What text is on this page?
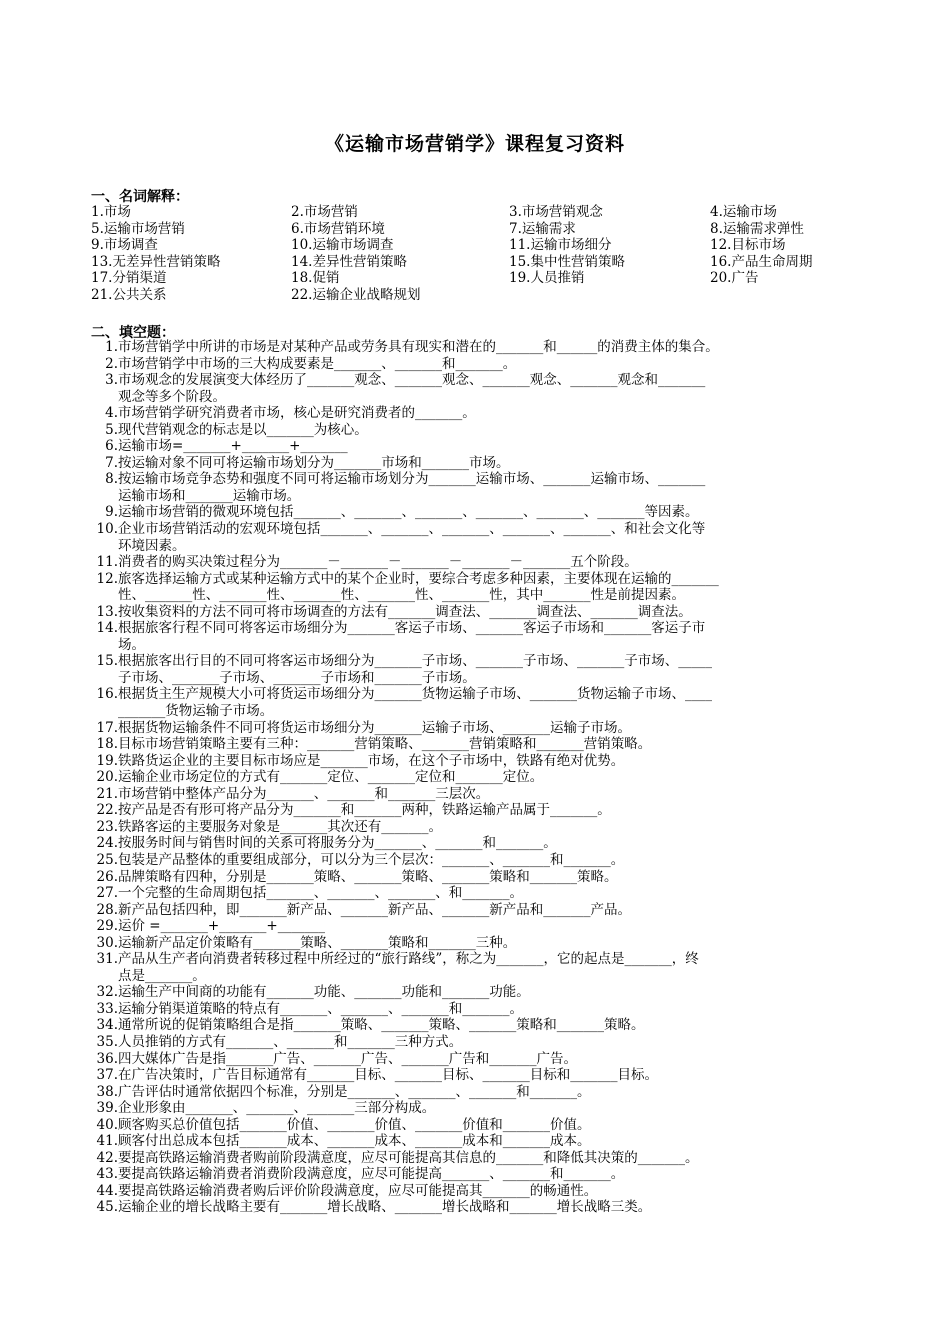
《运输市场营销学》课程复习资料
一、名词解释：
1.市场	2.市场营销	3.市场营销观念	4.运输市场
5.运输市场营销	6.市场营销环境	7.运输需求	8.运输需求弹性
9.市场调查	10.运输市场调查	11.运输市场细分	12.目标市场
13.无差异性营销策略	14.差异性营销策略	15.集中性营销策略	16.产品生命周期
17.分销渠道	18.促销	19.人员推销	20.广告
21.公共关系	22.运输企业战略规划
二、填空题：
1. 市场营销学中所讲的市场是对某种产品或劳务具有现实和潜在的_______和______的消费主体的集合。
2. 市场营销学中市场的三大构成要素是_______、_______和_______。
3. 市场观念的发展演变大体经历了_______观念、_______观念、_______观念、_______观念和_______
观念等多个阶段。
4. 市场营销学研究消费者市场，核心是研究消费者的_______。
5. 现代营销观念的标志是以_______为核心。
6. 运输市场=_______+_______+_______
7. 按运输对象不同可将运输市场划分为_______市场和_______市场。
8. 按运输市场竞争态势和强度不同可将运输市场划分为_______运输市场、_______运输市场、_______
运输市场和_______运输市场。
9. 运输市场营销的微观环境包括_______、_______、_______、_______、_______、_______等因素。
10. 企业市场营销活动的宏观环境包括_______、_______、_______、_______、_______、和社会文化等
环境因素。
11. 消费者的购买决策过程分为_______－_______－_______－_______－_______五个阶段。
12. 旅客选择运输方式或某种运输方式中的某个企业时，要综合考虑多种因素，主要体现在运输的_______
性、_______性、_______性、_______性、_______性、_______性，其中_______性是前提因素。
13. 按收集资料的方法不同可将市场调查的方法有_______调查法、_______调查法、_______调查法。
14. 根据旅客行程不同可将客运市场细分为_______客运子市场、_______客运子市场和_______客运子市
场。
15. 根据旅客出行目的不同可将客运市场细分为_______子市场、_______子市场、_______子市场、_____
子市场、_______子市场、_______子市场和_______子市场。
16. 根据货主生产规模大小可将货运市场细分为_______货物运输子市场、_______货物运输子市场、____
_______货物运输子市场。
17. 根据货物运输条件不同可将货运市场细分为_______运输子市场、_______运输子市场。
18. 目标市场营销策略主要有三种：_______营销策略、_______营销策略和_______营销策略。
19. 铁路货运企业的主要目标市场应是_______市场，在这个子市场中，铁路有绝对优势。
20. 运输企业市场定位的方式有_______定位、_______定位和_______定位。
21. 市场营销中整体产品分为_______、_______和_______三层次。
22. 按产品是否有形可将产品分为_______和_______两种，铁路运输产品属于_______。
23. 铁路客运的主要服务对象是_______其次还有_______。
24. 按服务时间与销售时间的关系可将服务分为_______、_______和_______。
25. 包装是产品整体的重要组成部分，可以分为三个层次：_______、_______和_______。
26. 品牌策略有四种，分别是_______策略、_______策略、_______策略和_______策略。
27. 一个完整的生命周期包括_______、_______、_______、和_______。
28. 新产品包括四种，即_______新产品、_______新产品、_______新产品和_______产品。
29. 运价 =_______+_______+_______
30. 运输新产品定价策略有_______策略、_______策略和_______三种。
31. 产品从生产者向消费者转移过程中所经过的“旅行路线”，称之为_______，它的起点是_______，终
点是_______。
32. 运输生产中间商的功能有_______功能、_______功能和_______功能。
33. 运输分销渠道策略的特点有_______、_______、_______和_______。
34. 通常所说的促销策略组合是指_______策略、_______策略、_______策略和_______策略。
35. 人员推销的方式有_______、_______和_______三种方式。
36. 四大媒体广告是指_______广告、_______广告、_______广告和_______广告。
37. 在广告决策时，广告目标通常有_______目标、_______目标、_______目标和_______目标。
38. 广告评估时通常依据四个标准，分别是_______、_______、_______和_______。
39. 企业形象由_______、_______、_______三部分构成。
40. 顾客购买总价值包括_______价值、_______价值、_______价值和_______价值。
41. 顾客付出总成本包括_______成本、_______成本、_______成本和_______成本。
42. 要提高铁路运输消费者购前阶段满意度，应尽可能提高其信息的_______和降低其决策的_______。
43. 要提高铁路运输消费者消费阶段满意度，应尽可能提高_______、_______和_______。
44. 要提高铁路运输消费者购后评价阶段满意度，应尽可能提高其_______的畅通性。
45. 运输企业的增长战略主要有_______增长战略、_______增长战略和_______增长战略三类。
